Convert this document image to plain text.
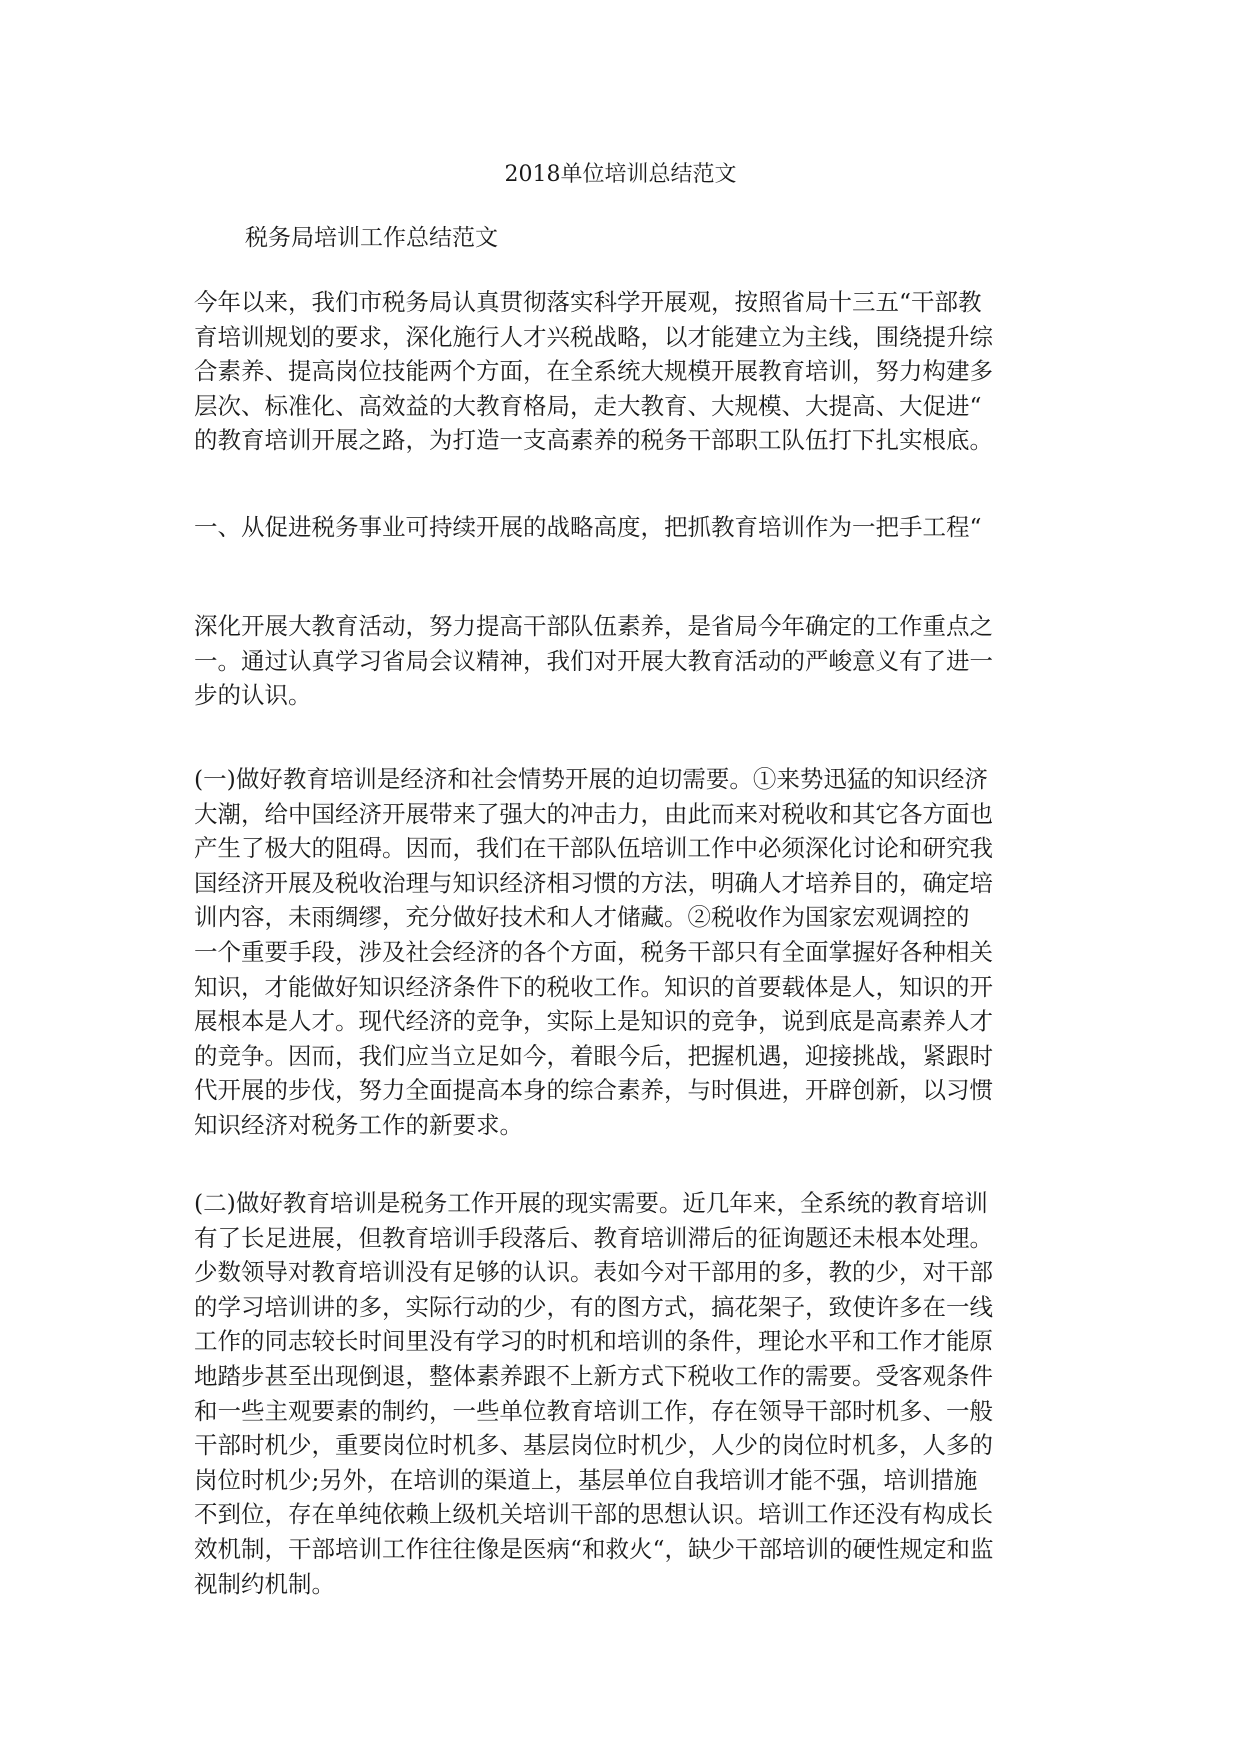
2018单位培训总结范文
税务局培训工作总结范文

今年以来，我们市税务局认真贯彻落实科学开展观，按照省局十三五“干部教
育培训规划的要求，深化施行人才兴税战略，以才能建立为主线，围绕提升综
合素养、提高岗位技能两个方面，在全系统大规模开展教育培训，努力构建多
层次、标准化、高效益的大教育格局，走大教育、大规模、大提高、大促进“
的教育培训开展之路，为打造一支高素养的税务干部职工队伍打下扎实根底。

一、从促进税务事业可持续开展的战略高度，把抓教育培训作为一把手工程“

深化开展大教育活动，努力提高干部队伍素养，是省局今年确定的工作重点之
一。通过认真学习省局会议精神，我们对开展大教育活动的严峻意义有了进一
步的认识。

(一)做好教育培训是经济和社会情势开展的迫切需要。①来势迅猛的知识经济
大潮，给中国经济开展带来了强大的冲击力，由此而来对税收和其它各方面也
产生了极大的阻碍。因而，我们在干部队伍培训工作中必须深化讨论和研究我
国经济开展及税收治理与知识经济相习惯的方法，明确人才培养目的，确定培
训内容，未雨绸缪，充分做好技术和人才储藏。②税收作为国家宏观调控的
一个重要手段，涉及社会经济的各个方面，税务干部只有全面掌握好各种相关
知识，才能做好知识经济条件下的税收工作。知识的首要载体是人，知识的开
展根本是人才。现代经济的竞争，实际上是知识的竞争，说到底是高素养人才
的竞争。因而，我们应当立足如今，着眼今后，把握机遇，迎接挑战，紧跟时
代开展的步伐，努力全面提高本身的综合素养，与时俱进，开辟创新，以习惯
知识经济对税务工作的新要求。

(二)做好教育培训是税务工作开展的现实需要。近几年来，全系统的教育培训
有了长足进展，但教育培训手段落后、教育培训滞后的征询题还未根本处理。
少数领导对教育培训没有足够的认识。表如今对干部用的多，教的少，对干部
的学习培训讲的多，实际行动的少，有的图方式，搞花架子，致使许多在一线
工作的同志较长时间里没有学习的时机和培训的条件，理论水平和工作才能原
地踏步甚至出现倒退，整体素养跟不上新方式下税收工作的需要。受客观条件
和一些主观要素的制约，一些单位教育培训工作，存在领导干部时机多、一般
干部时机少，重要岗位时机多、基层岗位时机少，人少的岗位时机多，人多的
岗位时机少;另外，在培训的渠道上，基层单位自我培训才能不强，培训措施
不到位，存在单纯依赖上级机关培训干部的思想认识。培训工作还没有构成长
效机制，干部培训工作往往像是医病“和救火“，缺少干部培训的硬性规定和监
视制约机制。
